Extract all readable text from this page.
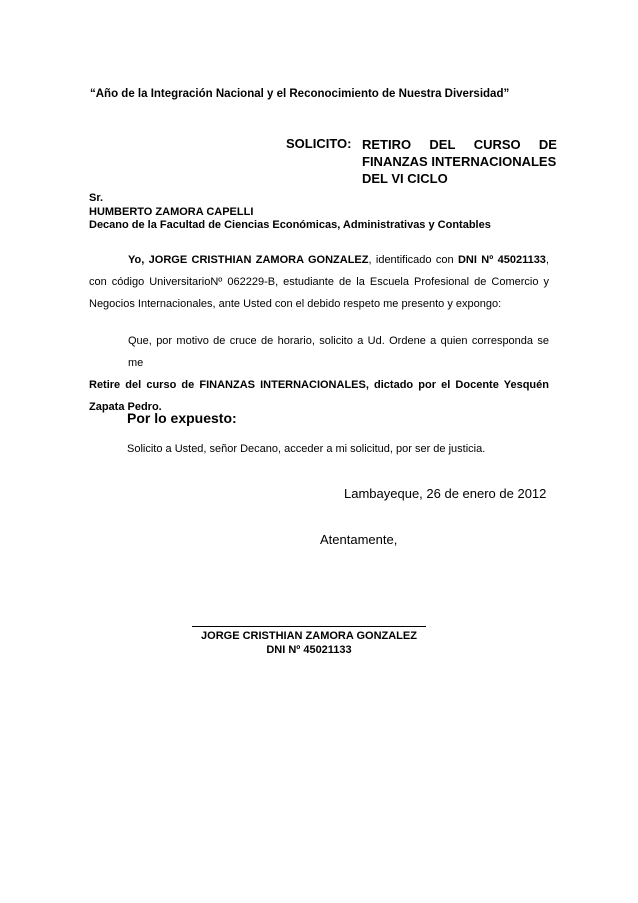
“Año de la Integración Nacional y el Reconocimiento de Nuestra Diversidad”
SOLICITO: RETIRO DEL CURSO DE
FINANZAS INTERNACIONALES
DEL VI CICLO
Sr.
HUMBERTO ZAMORA CAPELLI
Decano de la Facultad de Ciencias Económicas, Administrativas y Contables
Yo, JORGE CRISTHIAN ZAMORA GONZALEZ, identificado con DNI Nº 45021133,
con código UniversitarioNº 062229-B, estudiante de la Escuela Profesional de Comercio y
Negocios Internacionales, ante Usted con el debido respeto me presento y expongo:
Que, por motivo de cruce de horario, solicito a Ud. Ordene a quien corresponda se me
Retire del curso de FINANZAS INTERNACIONALES, dictado por el Docente Yesquén
Zapata Pedro.
Por lo expuesto:
Solicito a Usted, señor Decano, acceder a mi solicitud, por ser de justicia.
Lambayeque, 26 de enero de 2012
Atentamente,
JORGE CRISTHIAN ZAMORA GONZALEZ
DNI Nº 45021133
